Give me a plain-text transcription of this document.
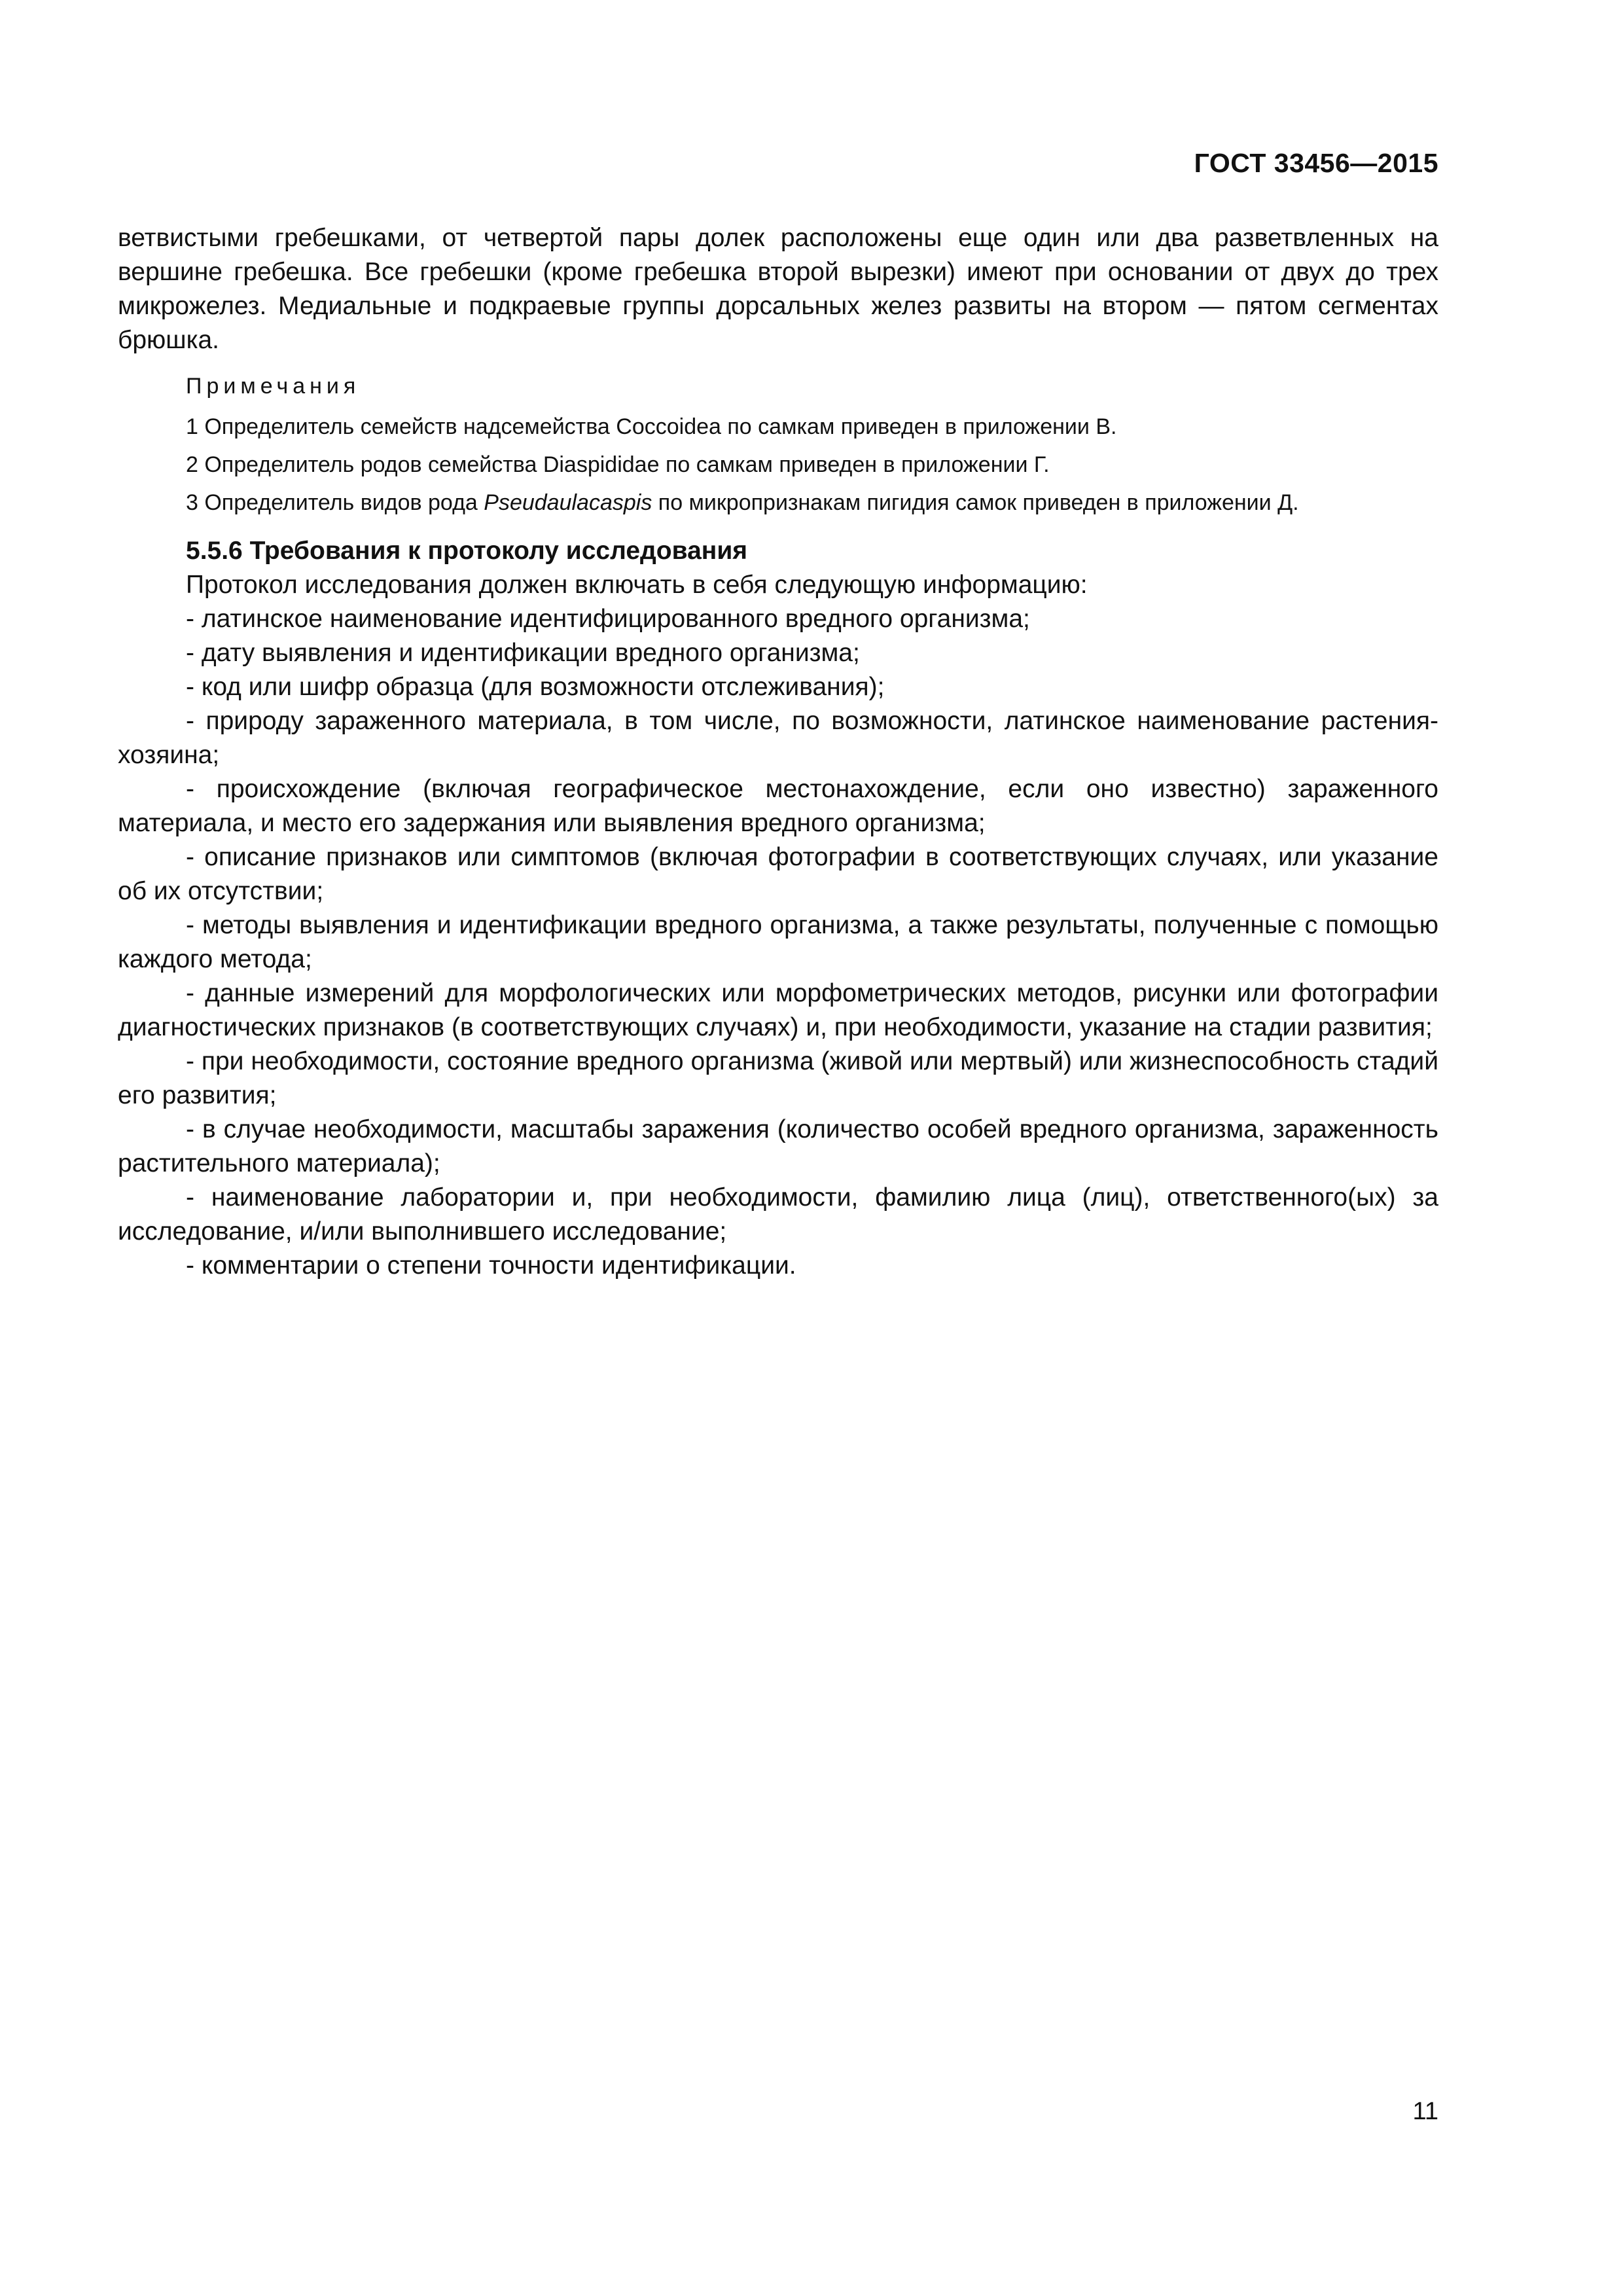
ГОСТ 33456—2015

ветвистыми гребешками, от четвертой пары долек расположены еще один или два разветвленных на вершине гребешка. Все гребешки (кроме гребешка второй вырезки) имеют при основании от двух до трех микрожелез. Медиальные и подкраевые группы дорсальных желез развиты на втором — пятом сегментах брюшка.

Примечания
1 Определитель семейств надсемейства Coccoidea по самкам приведен в приложении В.
2 Определитель родов семейства Diaspididae по самкам приведен в приложении Г.
3 Определитель видов рода Pseudaulacaspis по микропризнакам пигидия самок приведен в приложении Д.
5.5.6 Требования к протоколу исследования

Протокол исследования должен включать в себя следующую информацию:

- латинское наименование идентифицированного вредного организма;

- дату выявления и идентификации вредного организма;

- код или шифр образца (для возможности отслеживания);

- природу зараженного материала, в том числе, по возможности, латинское наименование растения-хозяина;

- происхождение (включая географическое местонахождение, если оно известно) зараженного материала, и место его задержания или выявления вредного организма;

- описание признаков или симптомов (включая фотографии в соответствующих случаях, или указание об их отсутствии;

- методы выявления и идентификации вредного организма, а также результаты, полученные с помощью каждого метода;

- данные измерений для морфологических или морфометрических методов, рисунки или фотографии диагностических признаков (в соответствующих случаях) и, при необходимости, указание на стадии развития;

- при необходимости, состояние вредного организма (живой или мертвый) или жизнеспособность стадий его развития;

- в случае необходимости, масштабы заражения (количество особей вредного организма, зараженность растительного материала);

- наименование лаборатории и, при необходимости, фамилию лица (лиц), ответственного(ых) за исследование, и/или выполнившего исследование;

- комментарии о степени точности идентификации.

11
